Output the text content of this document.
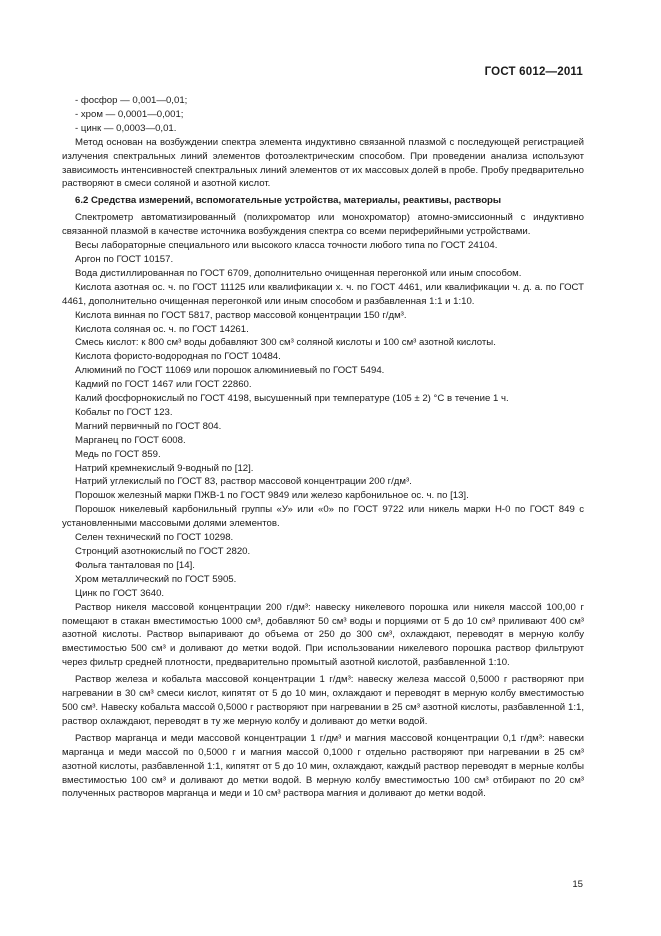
ГОСТ 6012—2011

- фосфор — 0,001—0,01;

- хром — 0,0001—0,001;

- цинк — 0,0003—0,01.

Метод основан на возбуждении спектра элемента индуктивно связанной плазмой с последующей регистрацией излучения спектральных линий элементов фотоэлектрическим способом. При проведении анализа используют зависимость интенсивностей спектральных линий элементов от их массовых долей в пробе. Пробу предварительно растворяют в смеси соляной и азотной кислот.

6.2 Средства измерений, вспомогательные устройства, материалы, реактивы, растворы

Спектрометр автоматизированный (полихроматор или монохроматор) атомно-эмиссионный с индуктивно связанной плазмой в качестве источника возбуждения спектра со всеми периферийными устройствами.

Весы лабораторные специального или высокого класса точности любого типа по ГОСТ 24104.

Аргон по ГОСТ 10157.

Вода дистиллированная по ГОСТ 6709, дополнительно очищенная перегонкой или иным способом.

Кислота азотная ос. ч. по ГОСТ 11125 или квалификации х. ч. по ГОСТ 4461, или квалификации ч. д. а. по ГОСТ 4461, дополнительно очищенная перегонкой или иным способом и разбавленная 1:1 и 1:10.

Кислота винная по ГОСТ 5817, раствор массовой концентрации 150 г/дм³.

Кислота соляная ос. ч. по ГОСТ 14261.

Смесь кислот: к 800 см³ воды добавляют 300 см³ соляной кислоты и 100 см³ азотной кислоты.

Кислота фористо-водородная по ГОСТ 10484.

Алюминий по ГОСТ 11069 или порошок алюминиевый по ГОСТ 5494.

Кадмий по ГОСТ 1467 или ГОСТ 22860.

Калий фосфорнокислый по ГОСТ 4198, высушенный при температуре (105 ± 2) °С в течение 1 ч.

Кобальт по ГОСТ 123.

Магний первичный по ГОСТ 804.

Марганец по ГОСТ 6008.

Медь по ГОСТ 859.

Натрий кремнекислый 9-водный по [12].

Натрий углекислый по ГОСТ 83, раствор массовой концентрации 200 г/дм³.

Порошок железный марки ПЖВ-1 по ГОСТ 9849 или железо карбонильное ос. ч. по [13].

Порошок никелевый карбонильный группы «У» или «0» по ГОСТ 9722 или никель марки Н-0 по ГОСТ 849 с установленными массовыми долями элементов.

Селен технический по ГОСТ 10298.

Стронций азотнокислый по ГОСТ 2820.

Фольга танталовая по [14].

Хром металлический по ГОСТ 5905.

Цинк по ГОСТ 3640.

Раствор никеля массовой концентрации 200 г/дм³: навеску никелевого порошка или никеля массой 100,00 г помещают в стакан вместимостью 1000 см³, добавляют 50 см³ воды и порциями от 5 до 10 см³ приливают 400 см³ азотной кислоты. Раствор выпаривают до объема от 250 до 300 см³, охлаждают, переводят в мерную колбу вместимостью 500 см³ и доливают до метки водой. При использовании никелевого порошка раствор фильтруют через фильтр средней плотности, предварительно промытый азотной кислотой, разбавленной 1:10.

Раствор железа и кобальта массовой концентрации 1 г/дм³: навеску железа массой 0,5000 г растворяют при нагревании в 30 см³ смеси кислот, кипятят от 5 до 10 мин, охлаждают и переводят в мерную колбу вместимостью 500 см³. Навеску кобальта массой 0,5000 г растворяют при нагревании в 25 см³ азотной кислоты, разбавленной 1:1, раствор охлаждают, переводят в ту же мерную колбу и доливают до метки водой.

Раствор марганца и меди массовой концентрации 1 г/дм³ и магния массовой концентрации 0,1 г/дм³: навески марганца и меди массой по 0,5000 г и магния массой 0,1000 г отдельно растворяют при нагревании в 25 см³ азотной кислоты, разбавленной 1:1, кипятят от 5 до 10 мин, охлаждают, каждый раствор переводят в мерные колбы вместимостью 100 см³ и доливают до метки водой. В мерную колбу вместимостью 100 см³ отбирают по 20 см³ полученных растворов марганца и меди и 10 см³ раствора магния и доливают до метки водой.

15
